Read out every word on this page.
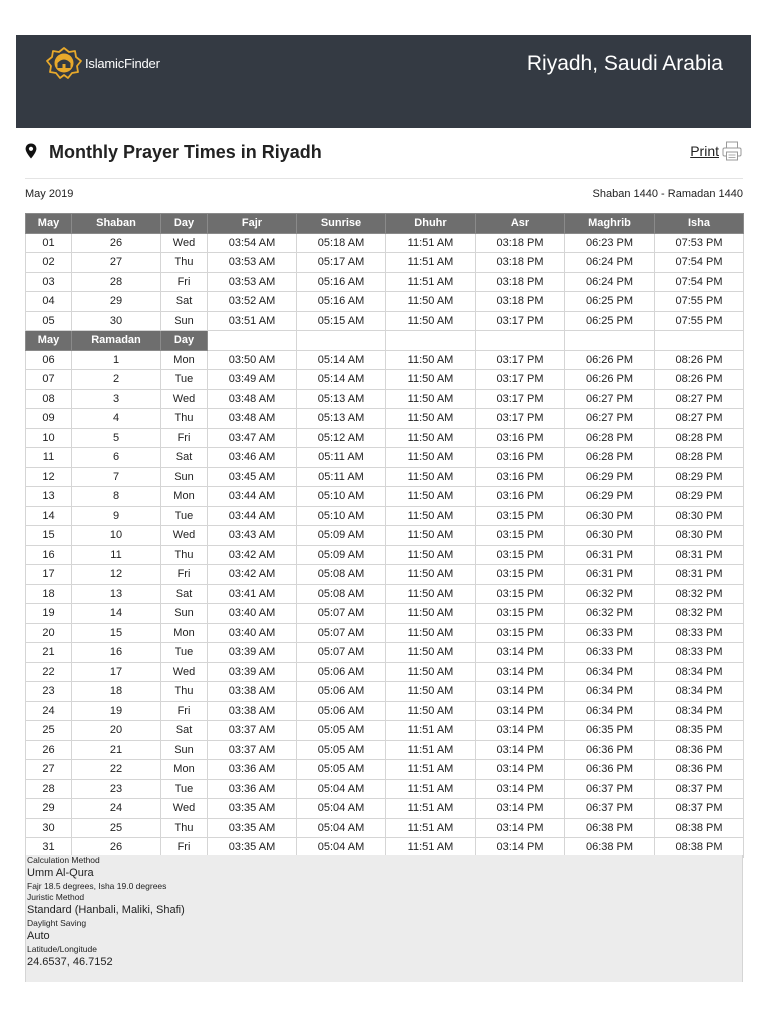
IslamicFinder	Riyadh, Saudi Arabia
Monthly Prayer Times in Riyadh	Print
May 2019	Shaban 1440 - Ramadan 1440
May	Shaban	Day	Fajr	Sunrise	Dhuhr	Asr	Maghrib	Isha
01	26	Wed	03:54 AM	05:18 AM	11:51 AM	03:18 PM	06:23 PM	07:53 PM
02	27	Thu	03:53 AM	05:17 AM	11:51 AM	03:18 PM	06:24 PM	07:54 PM
03	28	Fri	03:53 AM	05:16 AM	11:51 AM	03:18 PM	06:24 PM	07:54 PM
04	29	Sat	03:52 AM	05:16 AM	11:50 AM	03:18 PM	06:25 PM	07:55 PM
05	30	Sun	03:51 AM	05:15 AM	11:50 AM	03:17 PM	06:25 PM	07:55 PM
May	Ramadan	Day						
06	1	Mon	03:50 AM	05:14 AM	11:50 AM	03:17 PM	06:26 PM	08:26 PM
07	2	Tue	03:49 AM	05:14 AM	11:50 AM	03:17 PM	06:26 PM	08:26 PM
08	3	Wed	03:48 AM	05:13 AM	11:50 AM	03:17 PM	06:27 PM	08:27 PM
09	4	Thu	03:48 AM	05:13 AM	11:50 AM	03:17 PM	06:27 PM	08:27 PM
10	5	Fri	03:47 AM	05:12 AM	11:50 AM	03:16 PM	06:28 PM	08:28 PM
11	6	Sat	03:46 AM	05:11 AM	11:50 AM	03:16 PM	06:28 PM	08:28 PM
12	7	Sun	03:45 AM	05:11 AM	11:50 AM	03:16 PM	06:29 PM	08:29 PM
13	8	Mon	03:44 AM	05:10 AM	11:50 AM	03:16 PM	06:29 PM	08:29 PM
14	9	Tue	03:44 AM	05:10 AM	11:50 AM	03:15 PM	06:30 PM	08:30 PM
15	10	Wed	03:43 AM	05:09 AM	11:50 AM	03:15 PM	06:30 PM	08:30 PM
16	11	Thu	03:42 AM	05:09 AM	11:50 AM	03:15 PM	06:31 PM	08:31 PM
17	12	Fri	03:42 AM	05:08 AM	11:50 AM	03:15 PM	06:31 PM	08:31 PM
18	13	Sat	03:41 AM	05:08 AM	11:50 AM	03:15 PM	06:32 PM	08:32 PM
19	14	Sun	03:40 AM	05:07 AM	11:50 AM	03:15 PM	06:32 PM	08:32 PM
20	15	Mon	03:40 AM	05:07 AM	11:50 AM	03:15 PM	06:33 PM	08:33 PM
21	16	Tue	03:39 AM	05:07 AM	11:50 AM	03:14 PM	06:33 PM	08:33 PM
22	17	Wed	03:39 AM	05:06 AM	11:50 AM	03:14 PM	06:34 PM	08:34 PM
23	18	Thu	03:38 AM	05:06 AM	11:50 AM	03:14 PM	06:34 PM	08:34 PM
24	19	Fri	03:38 AM	05:06 AM	11:50 AM	03:14 PM	06:34 PM	08:34 PM
25	20	Sat	03:37 AM	05:05 AM	11:51 AM	03:14 PM	06:35 PM	08:35 PM
26	21	Sun	03:37 AM	05:05 AM	11:51 AM	03:14 PM	06:36 PM	08:36 PM
27	22	Mon	03:36 AM	05:05 AM	11:51 AM	03:14 PM	06:36 PM	08:36 PM
28	23	Tue	03:36 AM	05:04 AM	11:51 AM	03:14 PM	06:37 PM	08:37 PM
29	24	Wed	03:35 AM	05:04 AM	11:51 AM	03:14 PM	06:37 PM	08:37 PM
30	25	Thu	03:35 AM	05:04 AM	11:51 AM	03:14 PM	06:38 PM	08:38 PM
31	26	Fri	03:35 AM	05:04 AM	11:51 AM	03:14 PM	06:38 PM	08:38 PM
Calculation Method
Umm Al-Qura
Fajr 18.5 degrees, Isha 19.0 degrees
Juristic Method
Standard (Hanbali, Maliki, Shafi)
Daylight Saving
Auto
Latitude/Longitude
24.6537, 46.7152
